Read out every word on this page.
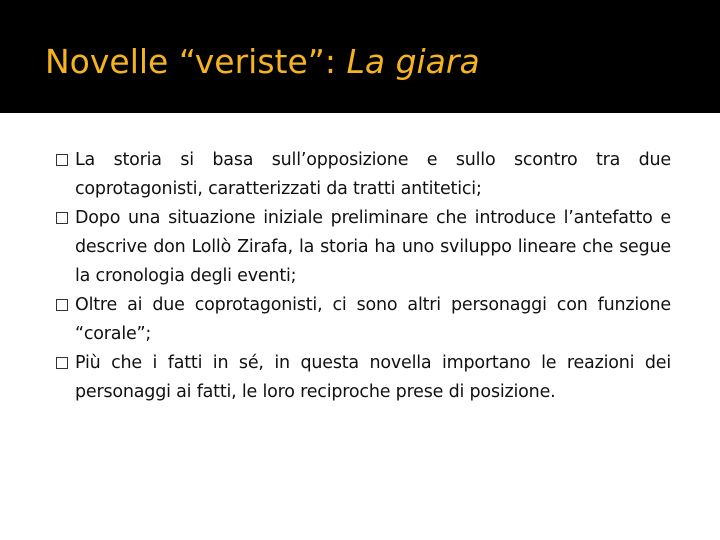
Novelle “veriste”: La giara
La storia si basa sull’opposizione e sullo scontro tra due coprotagonisti, caratterizzati da tratti antitetici;
Dopo una situazione iniziale preliminare che introduce l’antefatto e descrive don Lollò Zirafa, la storia ha uno sviluppo lineare che segue la cronologia degli eventi;
Oltre ai due coprotagonisti, ci sono altri personaggi con funzione “corale”;
Più che i fatti in sé, in questa novella importano le reazioni dei personaggi ai fatti, le loro reciproche prese di posizione.
